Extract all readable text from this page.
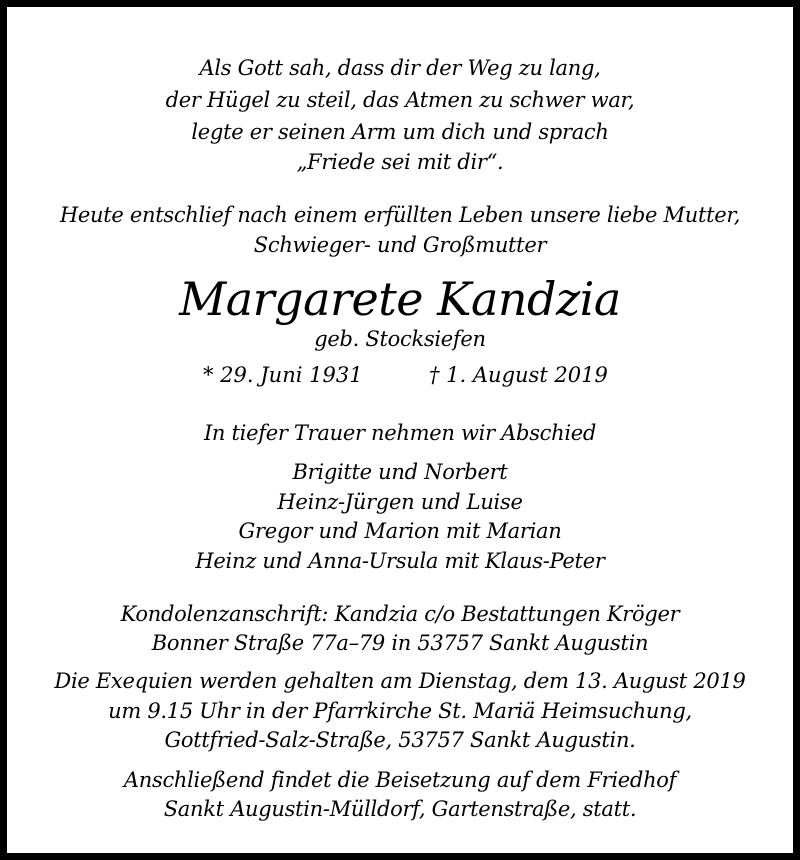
Als Gott sah, dass dir der Weg zu lang,
der Hügel zu steil, das Atmen zu schwer war,
legte er seinen Arm um dich und sprach
„Friede sei mit dir“.
Heute entschlief nach einem erfüllten Leben unsere liebe Mutter,
Schwieger- und Großmutter
Margarete Kandzia
geb. Stocksiefen
* 29. Juni 1931	† 1. August 2019
In tiefer Trauer nehmen wir Abschied
Brigitte und Norbert
Heinz-Jürgen und Luise
Gregor und Marion mit Marian
Heinz und Anna-Ursula mit Klaus-Peter
Kondolenzanschrift: Kandzia c/o Bestattungen Kröger
Bonner Straße 77a–79 in 53757 Sankt Augustin
Die Exequien werden gehalten am Dienstag, dem 13. August 2019
um 9.15 Uhr in der Pfarrkirche St. Mariä Heimsuchung,
Gottfried-Salz-Straße, 53757 Sankt Augustin.
Anschließend findet die Beisetzung auf dem Friedhof
Sankt Augustin-Mülldorf, Gartenstraße, statt.
